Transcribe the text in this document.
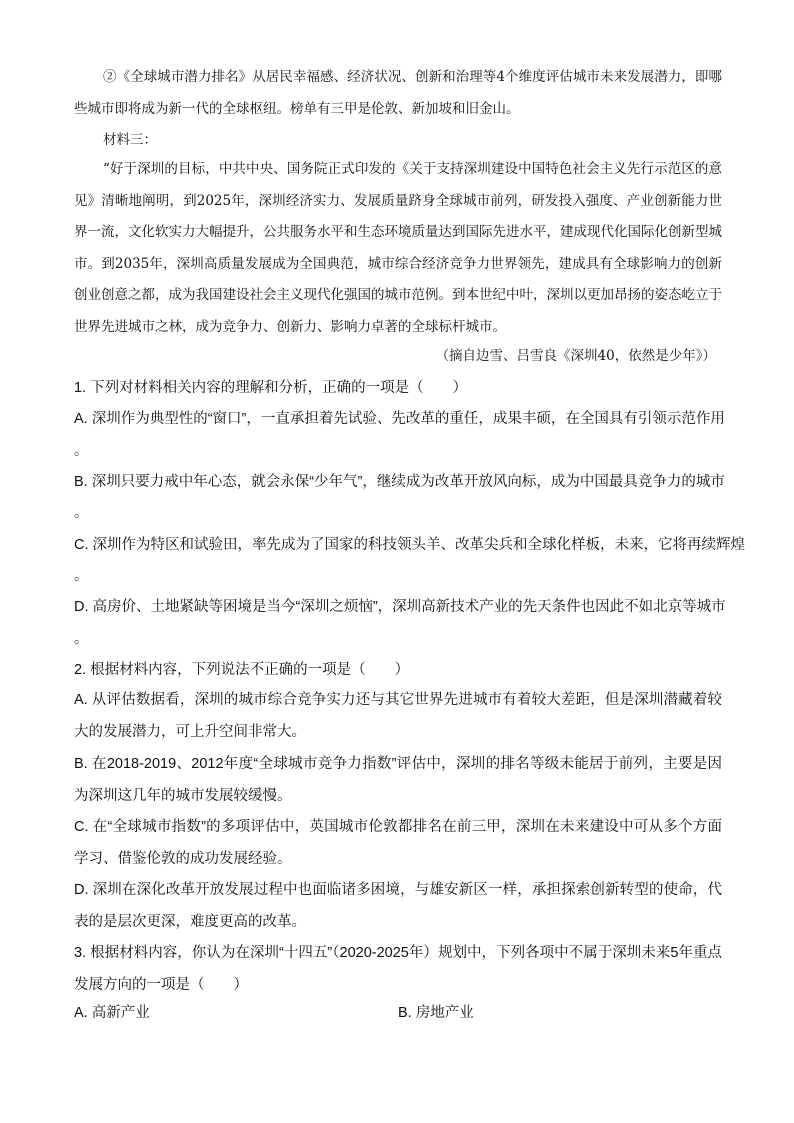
②《全球城市潜力排名》从居民幸福感、经济状况、创新和治理等4个维度评估城市未来发展潜力，即哪些城市即将成为新一代的全球枢纽。榜单有三甲是伦敦、新加坡和旧金山。

材料三：

“好于深圳的目标，中共中央、国务院正式印发的《关于支持深圳建设中国特色社会主义先行示范区的意见》清晰地阐明，到2025年，深圳经济实力、发展质量跻身全球城市前列，研发投入强度、产业创新能力世界一流，文化软实力大幅提升，公共服务水平和生态环境质量达到国际先进水平，建成现代化国际化创新型城市。到2035年，深圳高质量发展成为全国典范，城市综合经济竞争力世界领先，建成具有全球影响力的创新创业创意之都，成为我国建设社会主义现代化强国的城市范例。到本世纪中叶，深圳以更加昂扬的姿态屹立于世界先进城市之林，成为竞争力、创新力、影响力卓著的全球标杆城市。

（摘自边雪、吕雪良《深圳40，依然是少年》）

1. 下列对材料相关内容的理解和分析，正确的一项是（　　）

A. 深圳作为典型性的“窗口”，一直承担着先试验、先改革的重任，成果丰硕，在全国具有引领示范作用

。

B. 深圳只要力戒中年心态，就会永保“少年气”，继续成为改革开放风向标，成为中国最具竞争力的城市

。

C. 深圳作为特区和试验田，率先成为了国家的科技领头羊、改革尖兵和全球化样板，未来，它将再续辉煌

。

D. 高房价、土地紧缺等困境是当今“深圳之烦恼”，深圳高新技术产业的先天条件也因此不如北京等城市

。

2. 根据材料内容，下列说法不正确的一项是（　　）

A. 从评估数据看，深圳的城市综合竞争实力还与其它世界先进城市有着较大差距，但是深圳潜藏着较大的发展潜力，可上升空间非常大。

B. 在2018-2019、2012年度“全球城市竞争力指数”评估中，深圳的排名等级未能居于前列，主要是因为深圳这几年的城市发展较缓慢。

C. 在“全球城市指数”的多项评估中，英国城市伦敦都排名在前三甲，深圳在未来建设中可从多个方面学习、借鉴伦敦的成功发展经验。

D. 深圳在深化改革开放发展过程中也面临诸多困境，与雄安新区一样，承担探索创新转型的使命，代表的是层次更深，难度更高的改革。

3. 根据材料内容，你认为在深圳“十四五”（2020-2025年）规划中，下列各项中不属于深圳未来5年重点发展方向的一项是（　　）

A. 高新产业	B. 房地产业
